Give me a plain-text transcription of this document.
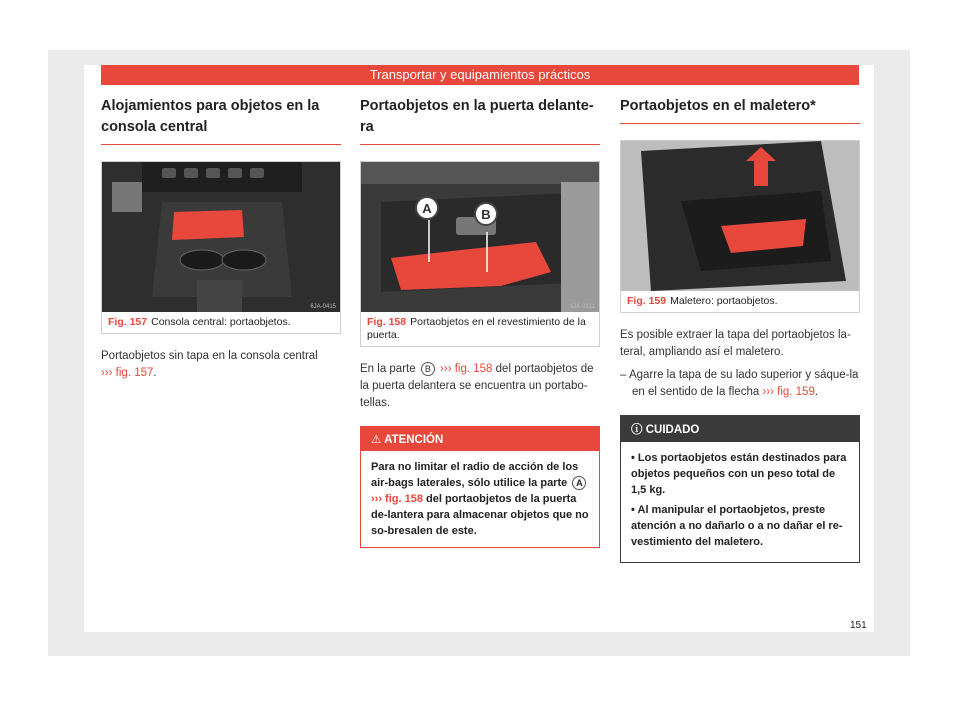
Transportar y equipamientos prácticos
Alojamientos para objetos en la consola central
6JA-0415
Fig. 157 Consola central: portaobjetos.

Portaobjetos sin tapa en la consola central
››› fig. 157.

Portaobjetos en la puerta delante-ra
A	B
6JA-0311
Fig. 158 Portaobjetos en el revestimiento de la puerta.

En la parte B ››› fig. 158 del portaobjetos de la puerta delantera se encuentra un portabo-tellas.

⚠ ATENCIÓN
Para no limitar el radio de acción de los air-bags laterales, sólo utilice la parte A ››› fig. 158 del portaobjetos de la puerta de-lantera para almacenar objetos que no so-bresalen de este.
Portaobjetos en el maletero*
6JA-0315
Fig. 159 Maletero: portaobjetos.

Es posible extraer la tapa del portaobjetos la-teral, ampliando así el maletero.

– Agarre la tapa de su lado superior y sáque-la en el sentido de la flecha ››› fig. 159.

ⓘ CUIDADO
• Los portaobjetos están destinados para objetos pequeños con un peso total de 1,5 kg.
• Al manipular el portaobjetos, preste atención a no dañarlo o a no dañar el re-vestimiento del maletero.
151
